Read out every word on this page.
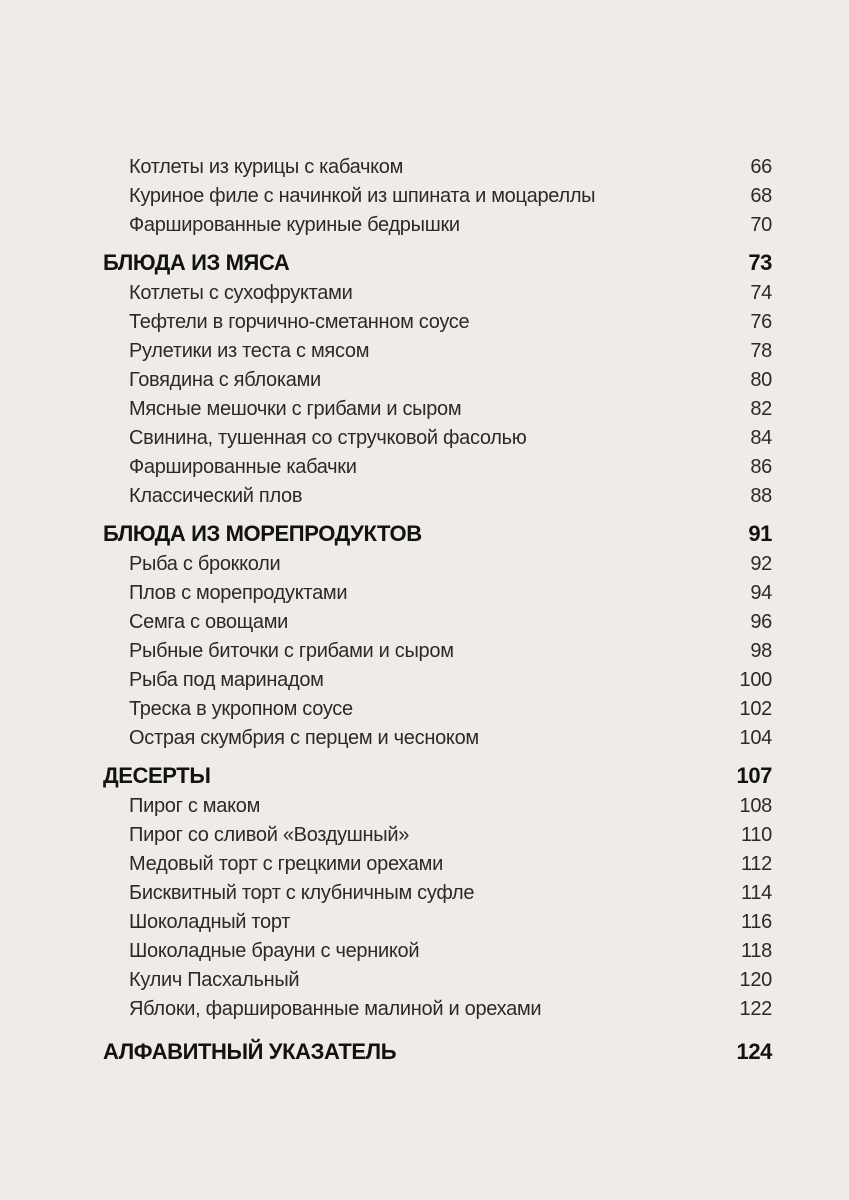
Котлеты из курицы с кабачком	66
Куриное филе с начинкой из шпината и моцареллы	68
Фаршированные куриные бедрышки	70
БЛЮДА ИЗ МЯСА	73
Котлеты с сухофруктами	74
Тефтели в горчично-сметанном соусе	76
Рулетики из теста с мясом	78
Говядина с яблоками	80
Мясные мешочки с грибами и сыром	82
Свинина, тушенная со стручковой фасолью	84
Фаршированные кабачки	86
Классический плов	88
БЛЮДА ИЗ МОРЕПРОДУКТОВ	91
Рыба с брокколи	92
Плов с морепродуктами	94
Семга с овощами	96
Рыбные биточки с грибами и сыром	98
Рыба под маринадом	100
Треска в укропном соусе	102
Острая скумбрия с перцем и чесноком	104
ДЕСЕРТЫ	107
Пирог с маком	108
Пирог со сливой «Воздушный»	110
Медовый торт с грецкими орехами	112
Бисквитный торт с клубничным суфле	114
Шоколадный торт	116
Шоколадные брауни с черникой	118
Кулич Пасхальный	120
Яблоки, фаршированные малиной и орехами	122
АЛФАВИТНЫЙ УКАЗАТЕЛЬ	124
